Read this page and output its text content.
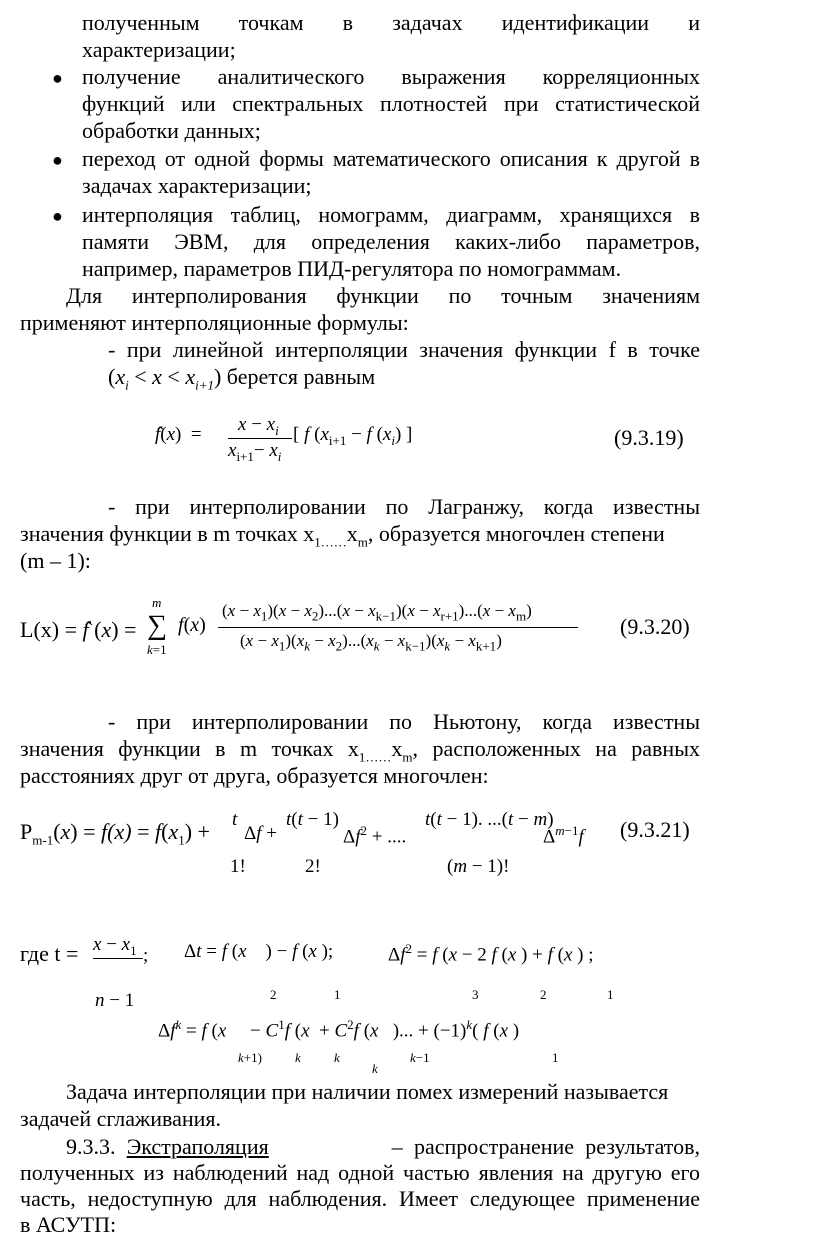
полученным точкам в задачах идентификации и
характеризации;
● получение аналитического выражения корреляционных
функций или спектральных плотностей при статистической
обработки данных;
● переход от одной формы математического описания к другой в
задачах характеризации;
● интерполяция таблиц, номограмм, диаграмм, хранящихся в
памяти ЭВМ, для определения каких-либо параметров,
например, параметров ПИД-регулятора по номограммам.
Для интерполирования функции по точным значениям
применяют интерполяционные формулы:
- при линейной интерполяции значения функции f в точке
$(x_i < x < x_{i+1})$ берется равным
f̂(x)  = $x - x_i$
$x_{i+1}- x_i$
[ f ($x_{i+1} - f$ $(x_i)$ ]	(9.3.19)
- при интерполировании по Лагранжу, когда известны
значения функции в m точках $x_{1\dots\dots}x_m$, образуется многочлен степени
(m – 1):
L(x) = f̂ (x) = ∑
m
k=1
f(x)
$(x - x_1)(x - x_2)...(x - x_{k-1})(x - x_{r+1})...(x - x_m)$
$(x - x_1)(x_k - x_2)...(x_k - x_{k-1})(x_k - x_{k+1})$
(9.3.20)
- при интерполировании по Ньютону, когда известны
значения функции в m точках $x_{1\dots\dots}x_m$, расположенных на равных
расстояниях друг от друга, образуется многочлен:
$P_{m-1}(x) = f(x) = f(x_1) + t$
Δf +
t(t − 1)
$\Delta f^2$ + ....
t(t − 1). ...(t − m)
$\Delta^{m-1}f$
1!	2!	(m − 1)!
(9.3.21)
где $t = x - x_1$ ; Δt = f (x    ) − f (x );	$\Delta f^2 = f$ (x − 2 f (x ) + f (x ) ;
n − 1	2	1	3	2	1
$\Delta f^k = f$ (x     − $C^1f$ ($x + C^2f$ (x   )... + $(-1)^k$( f (x )
k+1)	k	k
k
k−1	1
Задача интерполяции при наличии помех измерений называется
задачей сглаживания.
9.3.3. Экстраполяция	– распространение результатов,
полученных из наблюдений над одной частью явления на другую его
часть, недоступную для наблюдения. Имеет следующее применение
в АСУТП:
